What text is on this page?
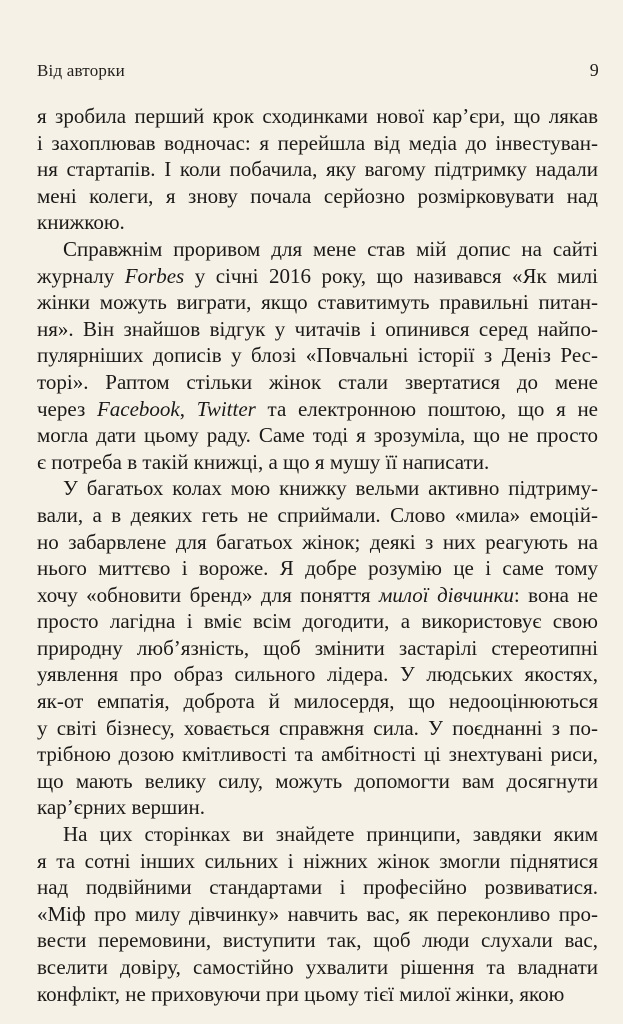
Від авторки	9
я зробила перший крок сходинками нової кар’єри, що лякав
і захоплював водночас: я перейшла від медіа до інвестуван-
ня стартапів. І коли побачила, яку вагому підтримку надали
мені колеги, я знову почала серйозно розмірковувати над
книжкою.
Справжнім проривом для мене став мій допис на сайті
журналу Forbes у січні 2016 року, що називався «Як милі
жінки можуть виграти, якщо ставитимуть правильні питан-
ня». Він знайшов відгук у читачів і опинився серед найпо-
пулярніших дописів у блозі «Повчальні історії з Деніз Рес-
торі». Раптом стільки жінок стали звертатися до мене
через Facebook, Twitter та електронною поштою, що я не
могла дати цьому раду. Саме тоді я зрозуміла, що не просто
є потреба в такій книжці, а що я мушу її написати.
У багатьох колах мою книжку вельми активно підтриму-
вали, а в деяких геть не сприймали. Слово «мила» емоцій-
но забарвлене для багатьох жінок; деякі з них реагують на
нього миттєво і вороже. Я добре розумію це і саме тому
хочу «обновити бренд» для поняття милої дівчинки: вона не
просто лагідна і вміє всім догодити, а використовує свою
природну люб’язність, щоб змінити застарілі стереотипні
уявлення про образ сильного лідера. У людських якостях,
як-от емпатія, доброта й милосердя, що недооцінюються
у світі бізнесу, ховається справжня сила. У поєднанні з по-
трібною дозою кмітливості та амбітності ці знехтувані риси,
що мають велику силу, можуть допомогти вам досягнути
кар’єрних вершин.
На цих сторінках ви знайдете принципи, завдяки яким
я та сотні інших сильних і ніжних жінок змогли піднятися
над подвійними стандартами і професійно розвиватися.
«Міф про милу дівчинку» навчить вас, як переконливо про-
вести перемовини, виступити так, щоб люди слухали вас,
вселити довіру, самостійно ухвалити рішення та владнати
конфлікт, не приховуючи при цьому тієї милої жінки, якою
